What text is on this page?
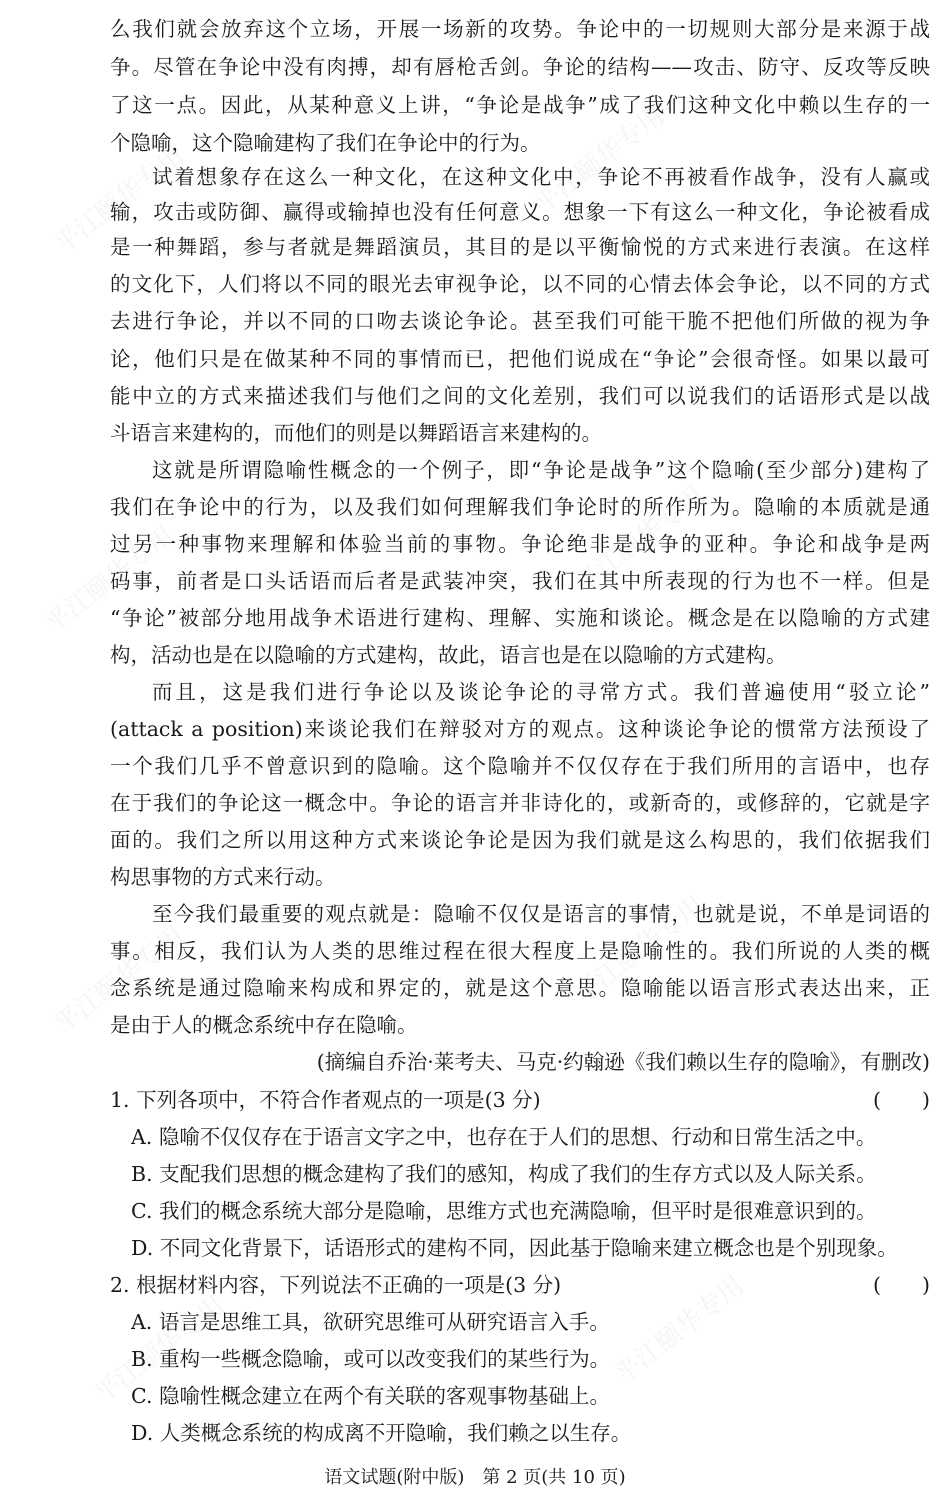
平江颐华专用	平江颐华专用
平江颐华专用	平江颐华专用
平江颐华专用	平江颐华专用
平江颐华专用	平江颐华专用
么我们就会放弃这个立场，开展一场新的攻势。争论中的一切规则大部分是来源于战
争。尽管在争论中没有肉搏，却有唇枪舌剑。争论的结构——攻击、防守、反攻等反映
了这一点。因此，从某种意义上讲，“争论是战争”成了我们这种文化中赖以生存的一
个隐喻，这个隐喻建构了我们在争论中的行为。
试着想象存在这么一种文化，在这种文化中，争论不再被看作战争，没有人赢或
输，攻击或防御、赢得或输掉也没有任何意义。想象一下有这么一种文化，争论被看成
是一种舞蹈，参与者就是舞蹈演员，其目的是以平衡愉悦的方式来进行表演。在这样
的文化下，人们将以不同的眼光去审视争论，以不同的心情去体会争论，以不同的方式
去进行争论，并以不同的口吻去谈论争论。甚至我们可能干脆不把他们所做的视为争
论，他们只是在做某种不同的事情而已，把他们说成在“争论”会很奇怪。如果以最可
能中立的方式来描述我们与他们之间的文化差别，我们可以说我们的话语形式是以战
斗语言来建构的，而他们的则是以舞蹈语言来建构的。
这就是所谓隐喻性概念的一个例子，即“争论是战争”这个隐喻(至少部分)建构了
我们在争论中的行为，以及我们如何理解我们争论时的所作所为。隐喻的本质就是通
过另一种事物来理解和体验当前的事物。争论绝非是战争的亚种。争论和战争是两
码事，前者是口头话语而后者是武装冲突，我们在其中所表现的行为也不一样。但是
“争论”被部分地用战争术语进行建构、理解、实施和谈论。概念是在以隐喻的方式建
构，活动也是在以隐喻的方式建构，故此，语言也是在以隐喻的方式建构。
而且，这是我们进行争论以及谈论争论的寻常方式。我们普遍使用“驳立论”
(attack a position)来谈论我们在辩驳对方的观点。这种谈论争论的惯常方法预设了
一个我们几乎不曾意识到的隐喻。这个隐喻并不仅仅存在于我们所用的言语中，也存
在于我们的争论这一概念中。争论的语言并非诗化的，或新奇的，或修辞的，它就是字
面的。我们之所以用这种方式来谈论争论是因为我们就是这么构思的，我们依据我们
构思事物的方式来行动。
至今我们最重要的观点就是：隐喻不仅仅是语言的事情，也就是说，不单是词语的
事。相反，我们认为人类的思维过程在很大程度上是隐喻性的。我们所说的人类的概
念系统是通过隐喻来构成和界定的，就是这个意思。隐喻能以语言形式表达出来，正
是由于人的概念系统中存在隐喻。
(摘编自乔治·莱考夫、马克·约翰逊《我们赖以生存的隐喻》，有删改)
1. 下列各项中，不符合作者观点的一项是(3 分)	(　　)
A. 隐喻不仅仅存在于语言文字之中，也存在于人们的思想、行动和日常生活之中。
B. 支配我们思想的概念建构了我们的感知，构成了我们的生存方式以及人际关系。
C. 我们的概念系统大部分是隐喻，思维方式也充满隐喻，但平时是很难意识到的。
D. 不同文化背景下，话语形式的建构不同，因此基于隐喻来建立概念也是个别现象。
2. 根据材料内容，下列说法不正确的一项是(3 分)	(　　)
A. 语言是思维工具，欲研究思维可从研究语言入手。
B. 重构一些概念隐喻，或可以改变我们的某些行为。
C. 隐喻性概念建立在两个有关联的客观事物基础上。
D. 人类概念系统的构成离不开隐喻，我们赖之以生存。
语文试题(附中版)　第 2 页(共 10 页)
